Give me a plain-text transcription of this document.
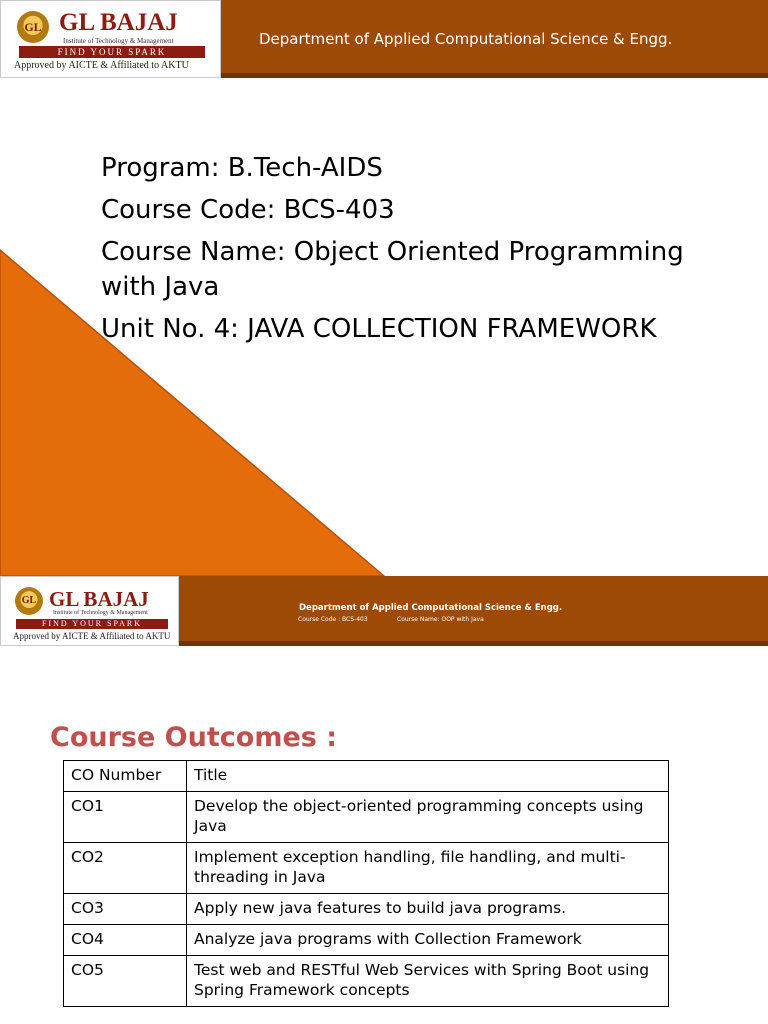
GL GL BAJAJ
Institute of Technology & Management
FIND YOUR SPARK
Approved by AICTE & Affiliated to AKTU
Department of Applied Computational Science & Engg.
Program: B.Tech-AIDS
Course Code: BCS-403
Course Name: Object Oriented Programming
with Java
Unit No. 4: JAVA COLLECTION FRAMEWORK
GL GL BAJAJ
Institute of Technology & Management
FIND YOUR SPARK
Approved by AICTE & Affiliated to AKTU
Department of Applied Computational Science & Engg.
Course Code : BCS-403	Course Name: OOP with Java
Course Outcomes :
CO Number	Title
CO1	Develop the object-oriented programming concepts using Java
CO2	Implement exception handling, file handling, and multi-threading in Java
CO3	Apply new java features to build java programs.
CO4	Analyze java programs with Collection Framework
CO5	Test web and RESTful Web Services with Spring Boot using Spring Framework concepts
